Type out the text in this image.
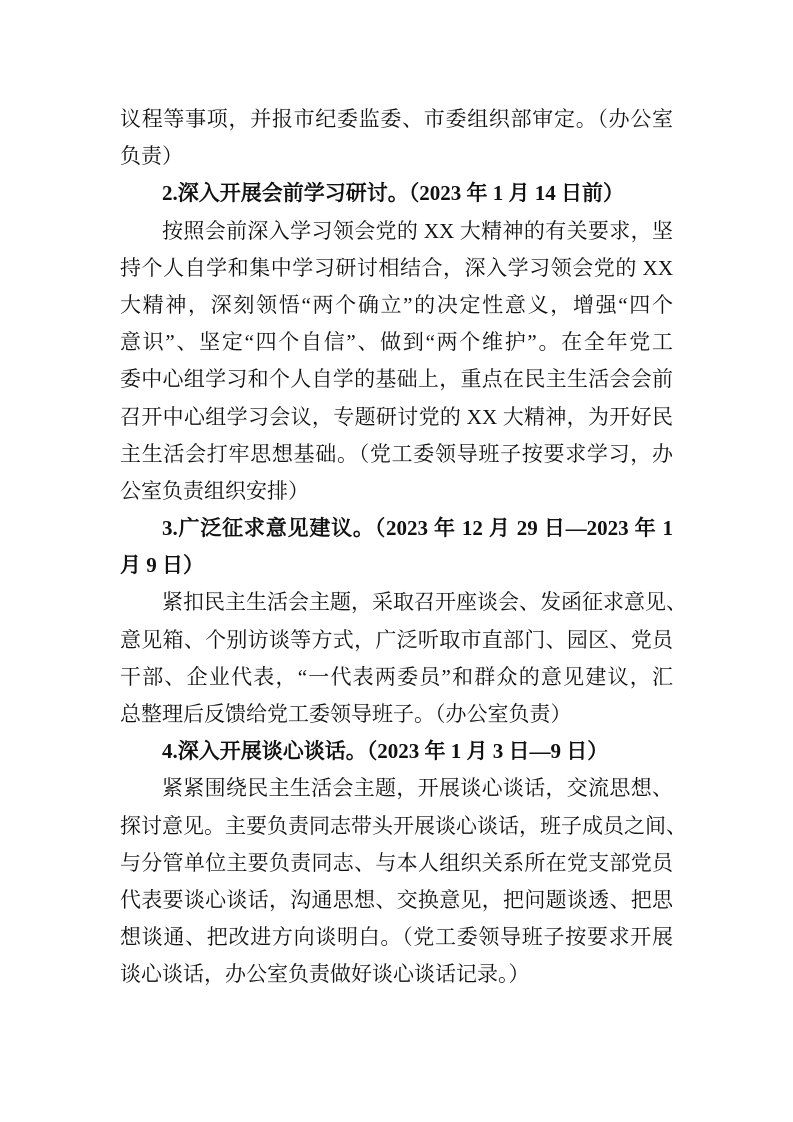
议程等事项，并报市纪委监委、市委组织部审定。（办公室
负责）
2.深入开展会前学习研讨。（2023 年 1 月 14 日前）
按照会前深入学习领会党的 XX 大精神的有关要求，坚
持个人自学和集中学习研讨相结合，深入学习领会党的 XX
大精神，深刻领悟“两个确立”的决定性意义，增强“四个
意识”、坚定“四个自信”、做到“两个维护”。在全年党工
委中心组学习和个人自学的基础上，重点在民主生活会会前
召开中心组学习会议，专题研讨党的 XX 大精神，为开好民
主生活会打牢思想基础。（党工委领导班子按要求学习，办
公室负责组织安排）
3.广泛征求意见建议。（2023 年 12 月 29 日—2023 年 1
月 9 日）
紧扣民主生活会主题，采取召开座谈会、发函征求意见、
意见箱、个别访谈等方式，广泛听取市直部门、园区、党员
干部、企业代表，“一代表两委员”和群众的意见建议，汇
总整理后反馈给党工委领导班子。（办公室负责）
4.深入开展谈心谈话。（2023 年 1 月 3 日—9 日）
紧紧围绕民主生活会主题，开展谈心谈话，交流思想、
探讨意见。主要负责同志带头开展谈心谈话，班子成员之间、
与分管单位主要负责同志、与本人组织关系所在党支部党员
代表要谈心谈话，沟通思想、交换意见，把问题谈透、把思
想谈通、把改进方向谈明白。（党工委领导班子按要求开展
谈心谈话，办公室负责做好谈心谈话记录。）
